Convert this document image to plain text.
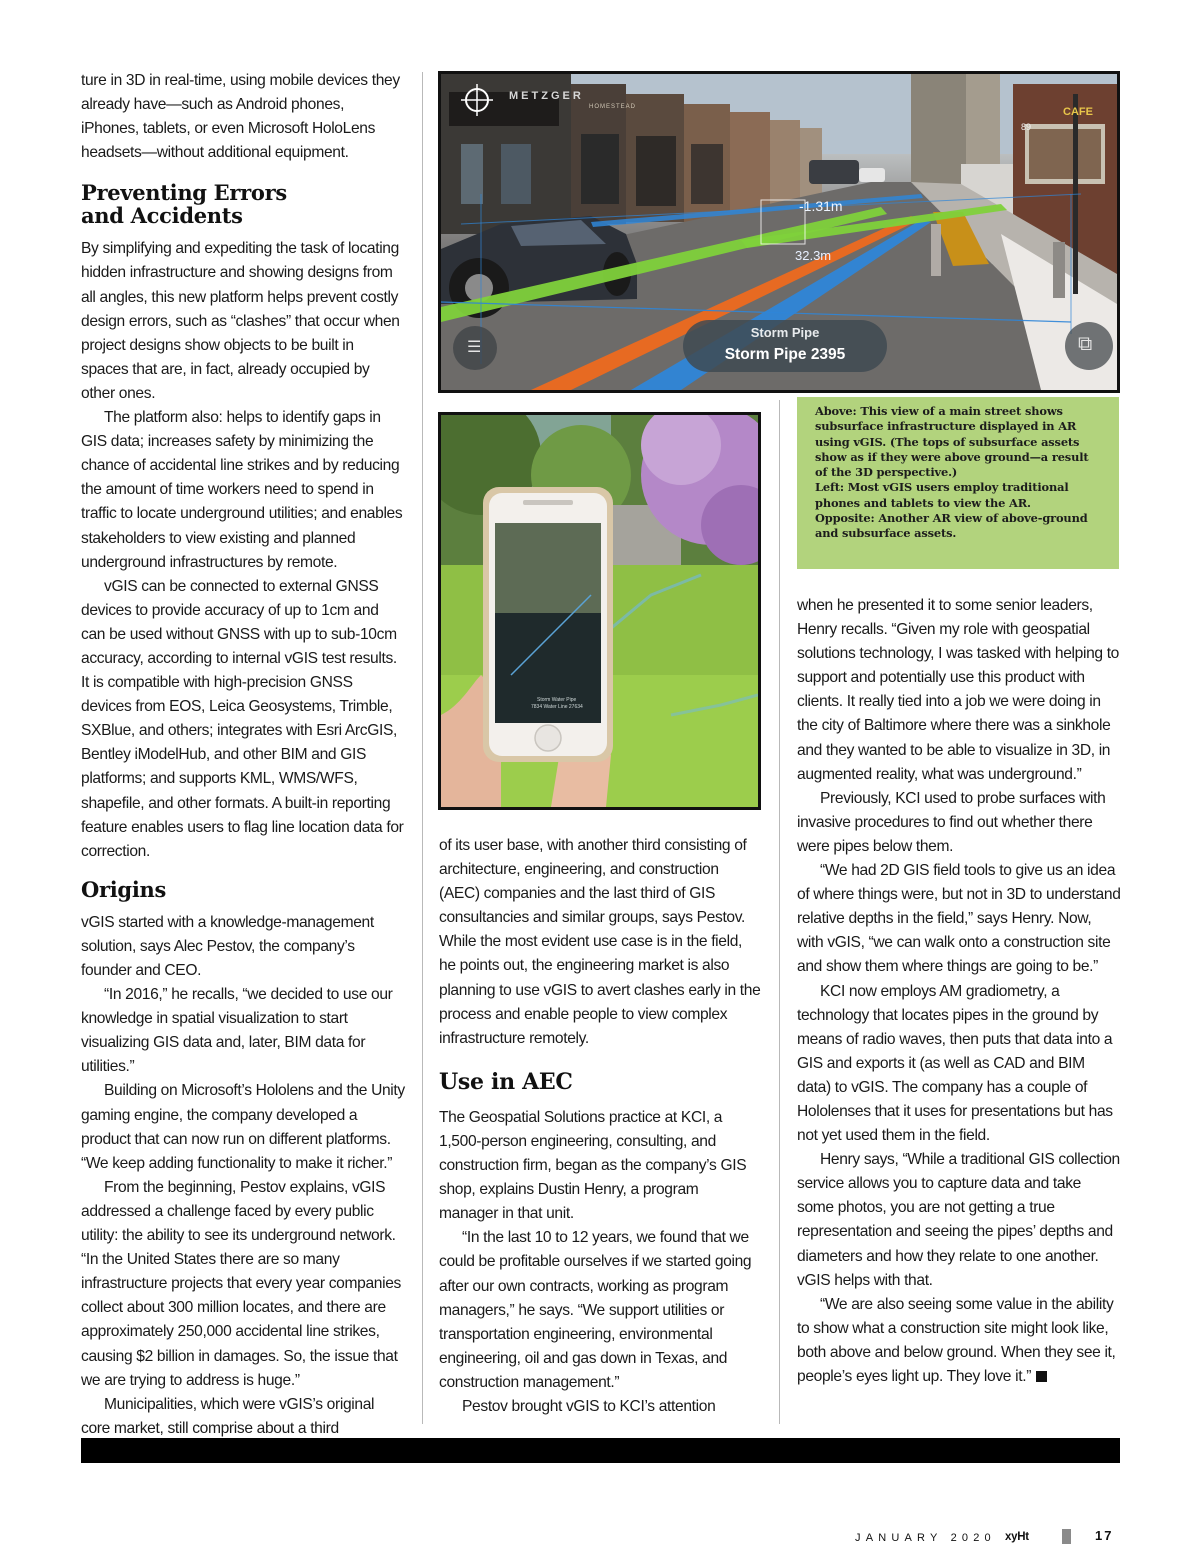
ture in 3D in real-time, using mobile devices they already have—such as Android phones, iPhones, tablets, or even Microsoft HoloLens headsets—without additional equipment.

Preventing Errors
and Accidents

By simplifying and expediting the task of locating hidden infrastructure and showing designs from all angles, this new platform helps prevent costly design errors, such as “clashes” that occur when project designs show objects to be built in spaces that are, in fact, already occupied by other ones.

The platform also: helps to identify gaps in GIS data; increases safety by minimizing the chance of accidental line strikes and by reducing the amount of time workers need to spend in traffic to locate underground utilities; and enables stakeholders to view existing and planned underground infrastructures by remote.

vGIS can be connected to external GNSS devices to provide accuracy of up to 1cm and can be used without GNSS with up to sub-10cm accuracy, according to internal vGIS test results. It is compatible with high-precision GNSS devices from EOS, Leica Geosystems, Trimble, SXBlue, and others; integrates with Esri ArcGIS, Bentley iModelHub, and other BIM and GIS platforms; and supports KML, WMS/WFS, shapefile, and other formats. A built-in reporting feature enables users to flag line location data for correction.

Origins

vGIS started with a knowledge-management solution, says Alec Pestov, the company’s founder and CEO.

“In 2016,” he recalls, “we decided to use our knowledge in spatial visualization to start visualizing GIS data and, later, BIM data for utilities.”

Building on Microsoft’s Hololens and the Unity gaming engine, the company developed a product that can now run on different platforms. “We keep adding functionality to make it richer.”

From the beginning, Pestov explains, vGIS addressed a challenge faced by every public utility: the ability to see its underground network. “In the United States there are so many infrastructure projects that every year companies collect about 300 million locates, and there are approximately 250,000 accidental line strikes, causing $2 billion in damages. So, the issue that we are trying to address is huge.”

Municipalities, which were vGIS’s original core market, still comprise about a third

METZGER
HOMESTEAD	CAFE
89
-1.31m
32.3m
Storm Pipe
Storm Pipe 2395
☰	⧉
Storm Water Pipe
7834 Water Line 27634

Above: This view of a main street shows subsurface infrastructure displayed in AR using vGIS. (The tops of subsurface assets show as if they were above ground—a result of the 3D perspective.)

Left: Most vGIS users employ traditional phones and tablets to view the AR.

Opposite: Another AR view of above-ground and subsurface assets.

of its user base, with another third consisting of architecture, engineering, and construction (AEC) companies and the last third of GIS consultancies and similar groups, says Pestov. While the most evident use case is in the field, he points out, the engineering market is also planning to use vGIS to avert clashes early in the process and enable people to view complex infrastructure remotely.

Use in AEC

The Geospatial Solutions practice at KCI, a 1,500-person engineering, consulting, and construction firm, began as the company’s GIS shop, explains Dustin Henry, a program manager in that unit.

“In the last 10 to 12 years, we found that we could be profitable ourselves if we started going after our own contracts, working as program managers,” he says. “We support utilities or transportation engineering, environmental engineering, oil and gas down in Texas, and construction management.”

Pestov brought vGIS to KCI’s attention

when he presented it to some senior leaders, Henry recalls. “Given my role with geospatial solutions technology, I was tasked with helping to support and potentially use this product with clients. It really tied into a job we were doing in the city of Baltimore where there was a sinkhole and they wanted to be able to visualize in 3D, in augmented reality, what was underground.”

Previously, KCI used to probe surfaces with invasive procedures to find out whether there were pipes below them.

“We had 2D GIS field tools to give us an idea of where things were, but not in 3D to understand relative depths in the field,” says Henry. Now, with vGIS, “we can walk onto a construction site and show them where things are going to be.”

KCI now employs AM gradiometry, a technology that locates pipes in the ground by means of radio waves, then puts that data into a GIS and exports it (as well as CAD and BIM data) to vGIS. The company has a couple of Hololenses that it uses for presentations but has not yet used them in the field.

Henry says, “While a traditional GIS collection service allows you to capture data and take some photos, you are not getting a true representation and seeing the pipes’ depths and diameters and how they relate to one another. vGIS helps with that.

“We are also seeing some value in the ability to show what a construction site might look like, both above and below ground. When they see it, people’s eyes light up. They love it.”

JANUARY 2020 xyHt	17
